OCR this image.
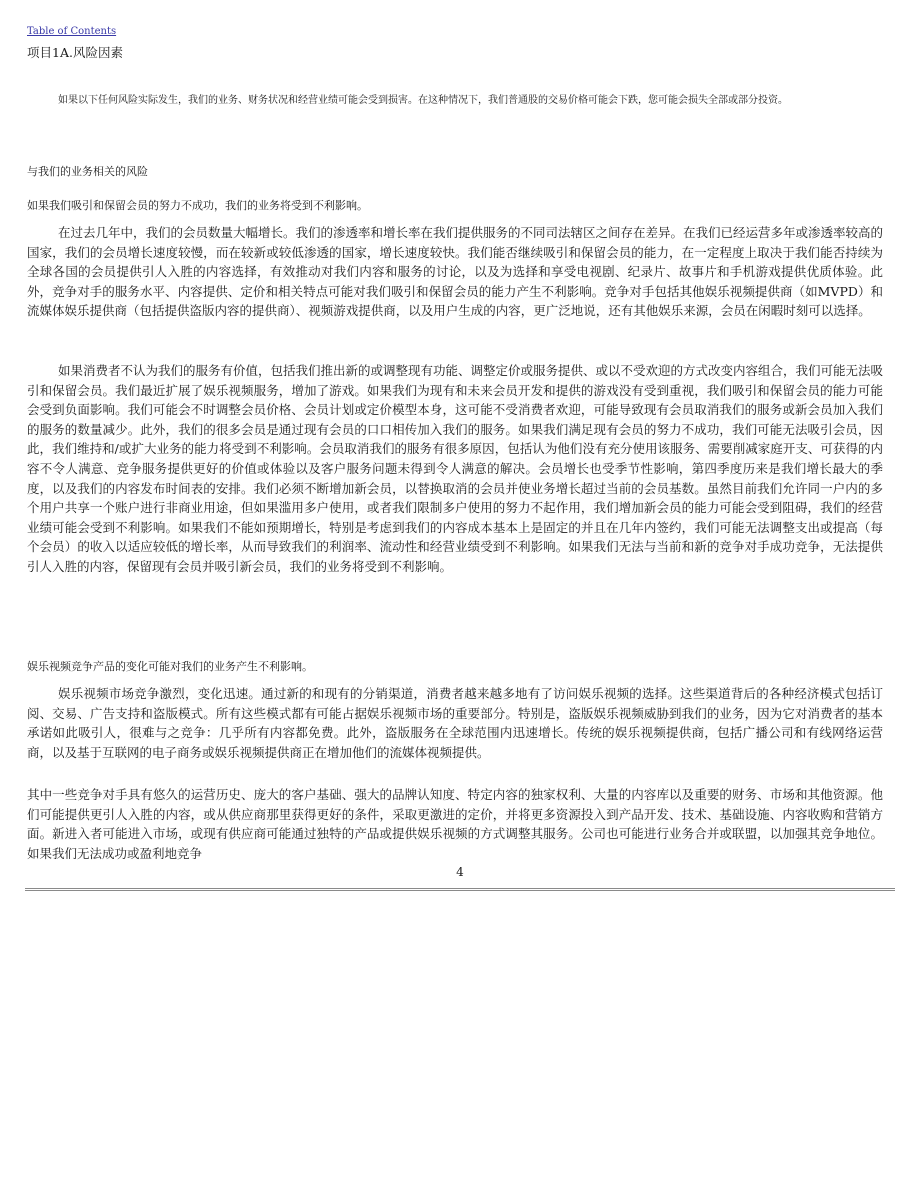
Table of Contents
项目1A.风险因素
如果以下任何风险实际发生，我们的业务、财务状况和经营业绩可能会受到损害。在这种情况下，我们普通股的交易价格可能会下跌，您可能会损失全部或部分投资。
与我们的业务相关的风险
如果我们吸引和保留会员的努力不成功，我们的业务将受到不利影响。

在过去几年中，我们的会员数量大幅增长。我们的渗透率和增长率在我们提供服务的不同司法辖区之间存在差异。在我们已经运营多年或渗透率较高的国家，我们的会员增长速度较慢，而在较新或较低渗透的国家，增长速度较快。我们能否继续吸引和保留会员的能力，在一定程度上取决于我们能否持续为全球各国的会员提供引人入胜的内容选择，有效推动对我们内容和服务的讨论，以及为选择和享受电视剧、纪录片、故事片和手机游戏提供优质体验。此外，竞争对手的服务水平、内容提供、定价和相关特点可能对我们吸引和保留会员的能力产生不利影响。竞争对手包括其他娱乐视频提供商（如MVPD）和流媒体娱乐提供商（包括提供盗版内容的提供商）、视频游戏提供商，以及用户生成的内容，更广泛地说，还有其他娱乐来源，会员在闲暇时刻可以选择。

如果消费者不认为我们的服务有价值，包括我们推出新的或调整现有功能、调整定价或服务提供、或以不受欢迎的方式改变内容组合，我们可能无法吸引和保留会员。我们最近扩展了娱乐视频服务，增加了游戏。如果我们为现有和未来会员开发和提供的游戏没有受到重视，我们吸引和保留会员的能力可能会受到负面影响。我们可能会不时调整会员价格、会员计划或定价模型本身，这可能不受消费者欢迎，可能导致现有会员取消我们的服务或新会员加入我们的服务的数量减少。此外，我们的很多会员是通过现有会员的口口相传加入我们的服务。如果我们满足现有会员的努力不成功，我们可能无法吸引会员，因此，我们维持和/或扩大业务的能力将受到不利影响。会员取消我们的服务有很多原因，包括认为他们没有充分使用该服务、需要削减家庭开支、可获得的内容不令人满意、竞争服务提供更好的价值或体验以及客户服务问题未得到令人满意的解决。会员增长也受季节性影响，第四季度历来是我们增长最大的季度，以及我们的内容发布时间表的安排。我们必须不断增加新会员，以替换取消的会员并使业务增长超过当前的会员基数。虽然目前我们允许同一户内的多个用户共享一个账户进行非商业用途，但如果滥用多户使用，或者我们限制多户使用的努力不起作用，我们增加新会员的能力可能会受到阻碍，我们的经营业绩可能会受到不利影响。如果我们不能如预期增长，特别是考虑到我们的内容成本基本上是固定的并且在几年内签约，我们可能无法调整支出或提高（每个会员）的收入以适应较低的增长率，从而导致我们的利润率、流动性和经营业绩受到不利影响。如果我们无法与当前和新的竞争对手成功竞争，无法提供引人入胜的内容，保留现有会员并吸引新会员，我们的业务将受到不利影响。

娱乐视频竞争产品的变化可能对我们的业务产生不利影响。

娱乐视频市场竞争激烈，变化迅速。通过新的和现有的分销渠道，消费者越来越多地有了访问娱乐视频的选择。这些渠道背后的各种经济模式包括订阅、交易、广告支持和盗版模式。所有这些模式都有可能占据娱乐视频市场的重要部分。特别是，盗版娱乐视频威胁到我们的业务，因为它对消费者的基本承诺如此吸引人，很难与之竞争：几乎所有内容都免费。此外，盗版服务在全球范围内迅速增长。传统的娱乐视频提供商，包括广播公司和有线网络运营商，以及基于互联网的电子商务或娱乐视频提供商正在增加他们的流媒体视频提供。

其中一些竞争对手具有悠久的运营历史、庞大的客户基础、强大的品牌认知度、特定内容的独家权利、大量的内容库以及重要的财务、市场和其他资源。他们可能提供更引人入胜的内容，或从供应商那里获得更好的条件，采取更激进的定价，并将更多资源投入到产品开发、技术、基础设施、内容收购和营销方面。新进入者可能进入市场，或现有供应商可能通过独特的产品或提供娱乐视频的方式调整其服务。公司也可能进行业务合并或联盟，以加强其竞争地位。如果我们无法成功或盈利地竞争

4
